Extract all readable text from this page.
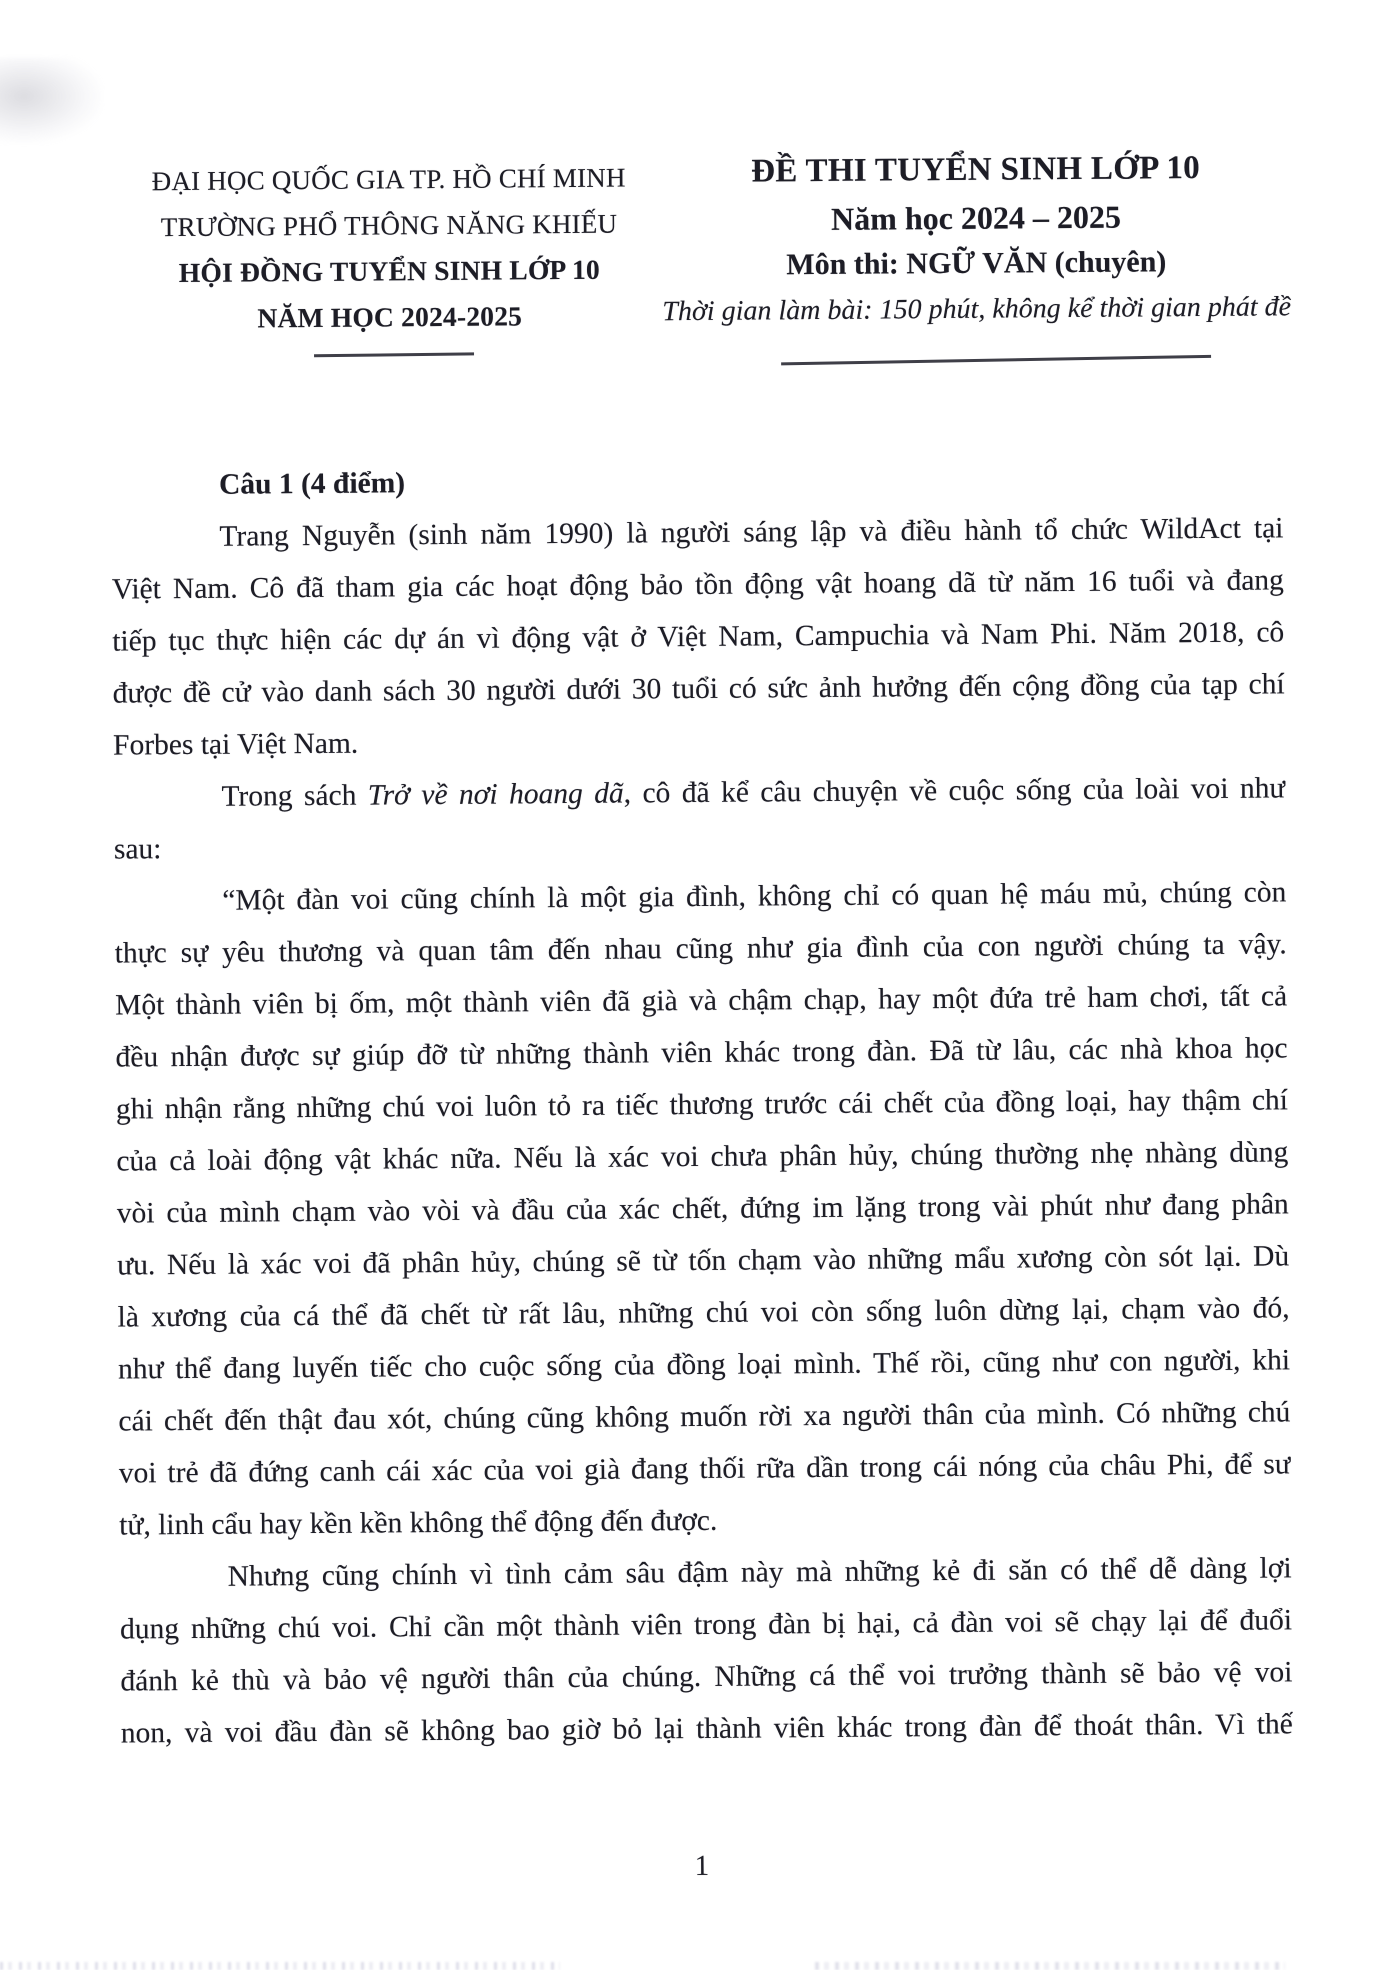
ĐẠI HỌC QUỐC GIA TP. HỒ CHÍ MINH
TRƯỜNG PHỔ THÔNG NĂNG KHIẾU
HỘI ĐỒNG TUYỂN SINH LỚP 10
NĂM HỌC 2024-2025
ĐỀ THI TUYỂN SINH LỚP 10
Năm học 2024 – 2025
Môn thi: NGỮ VĂN (chuyên)
Thời gian làm bài: 150 phút, không kể thời gian phát đề
Câu 1 (4 điểm)
Trang Nguyễn (sinh năm 1990) là người sáng lập và điều hành tổ chức WildAct tại
Việt Nam. Cô đã tham gia các hoạt động bảo tồn động vật hoang dã từ năm 16 tuổi và đang
tiếp tục thực hiện các dự án vì động vật ở Việt Nam, Campuchia và Nam Phi. Năm 2018, cô
được đề cử vào danh sách 30 người dưới 30 tuổi có sức ảnh hưởng đến cộng đồng của tạp chí
Forbes tại Việt Nam.
Trong sách Trở về nơi hoang dã, cô đã kể câu chuyện về cuộc sống của loài voi như
sau:
“Một đàn voi cũng chính là một gia đình, không chỉ có quan hệ máu mủ, chúng còn
thực sự yêu thương và quan tâm đến nhau cũng như gia đình của con người chúng ta vậy.
Một thành viên bị ốm, một thành viên đã già và chậm chạp, hay một đứa trẻ ham chơi, tất cả
đều nhận được sự giúp đỡ từ những thành viên khác trong đàn. Đã từ lâu, các nhà khoa học
ghi nhận rằng những chú voi luôn tỏ ra tiếc thương trước cái chết của đồng loại, hay thậm chí
của cả loài động vật khác nữa. Nếu là xác voi chưa phân hủy, chúng thường nhẹ nhàng dùng
vòi của mình chạm vào vòi và đầu của xác chết, đứng im lặng trong vài phút như đang phân
ưu. Nếu là xác voi đã phân hủy, chúng sẽ từ tốn chạm vào những mẩu xương còn sót lại. Dù
là xương của cá thể đã chết từ rất lâu, những chú voi còn sống luôn dừng lại, chạm vào đó,
như thể đang luyến tiếc cho cuộc sống của đồng loại mình. Thế rồi, cũng như con người, khi
cái chết đến thật đau xót, chúng cũng không muốn rời xa người thân của mình. Có những chú
voi trẻ đã đứng canh cái xác của voi già đang thối rữa dần trong cái nóng của châu Phi, để sư
tử, linh cẩu hay kền kền không thể động đến được.
Nhưng cũng chính vì tình cảm sâu đậm này mà những kẻ đi săn có thể dễ dàng lợi
dụng những chú voi. Chỉ cần một thành viên trong đàn bị hại, cả đàn voi sẽ chạy lại để đuổi
đánh kẻ thù và bảo vệ người thân của chúng. Những cá thể voi trưởng thành sẽ bảo vệ voi
non, và voi đầu đàn sẽ không bao giờ bỏ lại thành viên khác trong đàn để thoát thân. Vì thế
1
